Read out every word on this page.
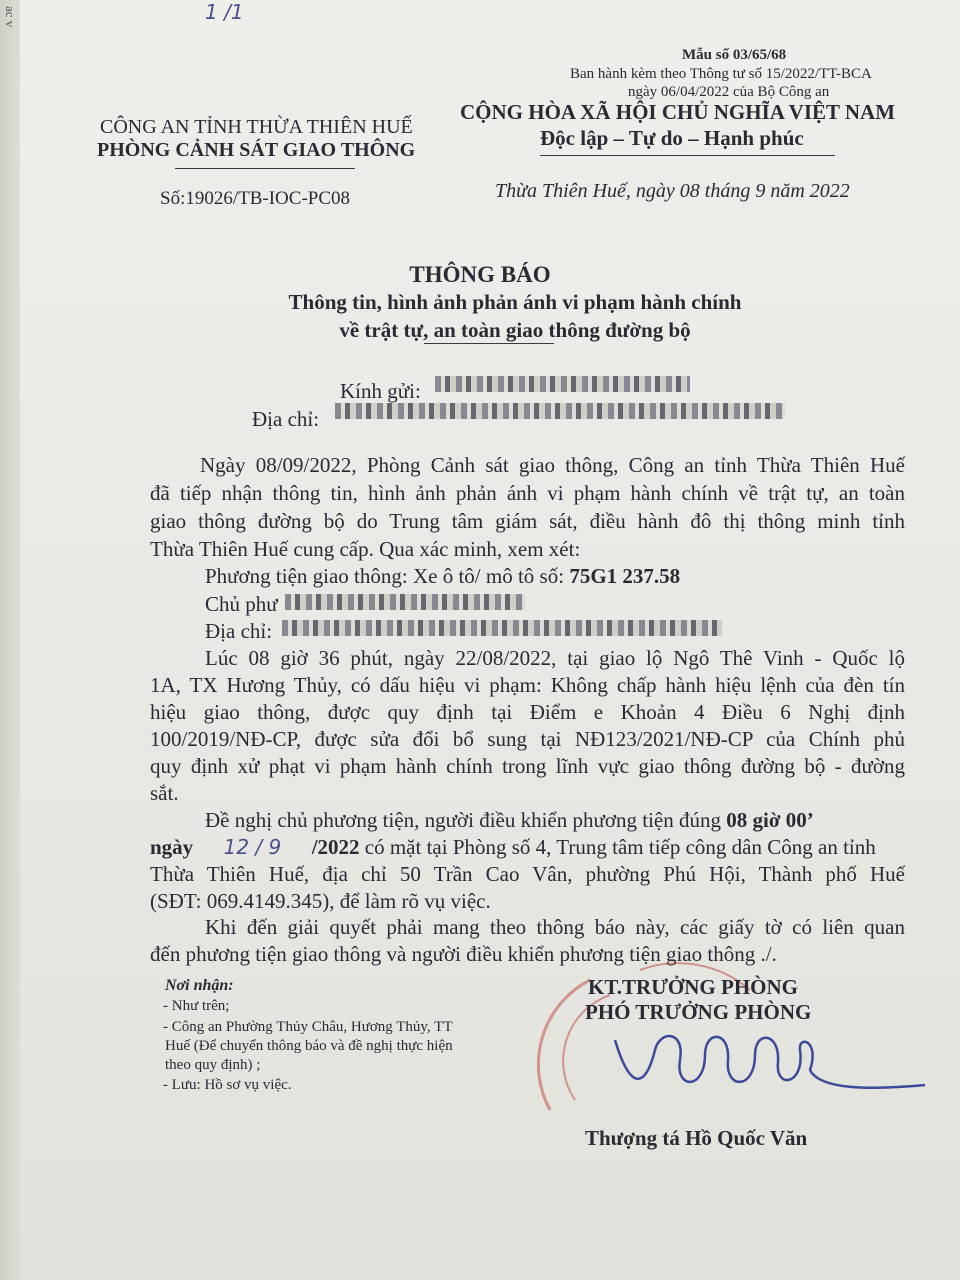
ac v	1 /1
Mẫu số 03/65/68
Ban hành kèm theo Thông tư số 15/2022/TT-BCA
ngày 06/04/2022 của Bộ Công an
CÔNG AN TỈNH THỪA THIÊN HUẾ
PHÒNG CẢNH SÁT GIAO THÔNG
Số:19026/TB-IOC-PC08
CỘNG HÒA XÃ HỘI CHỦ NGHĨA VIỆT NAM
Độc lập – Tự do – Hạnh phúc
Thừa Thiên Huế, ngày 08 tháng 9 năm 2022
THÔNG BÁO
Thông tin, hình ảnh phản ánh vi phạm hành chính
về trật tự, an toàn giao thông đường bộ
Kính gửi:
Địa chỉ:
Ngày 08/09/2022, Phòng Cảnh sát giao thông, Công an tỉnh Thừa Thiên Huế
đã tiếp nhận thông tin, hình ảnh phản ánh vi phạm hành chính về trật tự, an toàn
giao thông đường bộ do Trung tâm giám sát, điều hành đô thị thông minh tỉnh
Thừa Thiên Huế cung cấp. Qua xác minh, xem xét:
Phương tiện giao thông: Xe ô tô/ mô tô số: 75G1 237.58
Chủ phư
Địa chỉ:
Lúc 08 giờ 36 phút, ngày 22/08/2022, tại giao lộ Ngô Thê Vinh - Quốc lộ
1A, TX Hương Thủy, có dấu hiệu vi phạm: Không chấp hành hiệu lệnh của đèn tín
hiệu giao thông, được quy định tại Điểm e Khoản 4 Điều 6 Nghị định
100/2019/NĐ-CP, được sửa đổi bổ sung tại NĐ123/2021/NĐ-CP của Chính phủ
quy định xử phạt vi phạm hành chính trong lĩnh vực giao thông đường bộ - đường
sắt.
Đề nghị chủ phương tiện, người điều khiển phương tiện đúng 08 giờ 00’
ngày 12 / 9 /2022 có mặt tại Phòng số 4, Trung tâm tiếp công dân Công an tỉnh
Thừa Thiên Huế, địa chỉ 50 Trần Cao Vân, phường Phú Hội, Thành phố Huế
(SĐT: 069.4149.345), để làm rõ vụ việc.
Khi đến giải quyết phải mang theo thông báo này, các giấy tờ có liên quan
đến phương tiện giao thông và người điều khiển phương tiện giao thông ./.
Nơi nhận:
- Như trên;
- Công an Phường Thủy Châu, Hương Thủy, TT
Huế (Để chuyển thông báo và đề nghị thực hiện
theo quy định) ;
- Lưu: Hồ sơ vụ việc.
KT.TRƯỞNG PHÒNG
PHÓ TRƯỞNG PHÒNG
Thượng tá Hồ Quốc Văn
